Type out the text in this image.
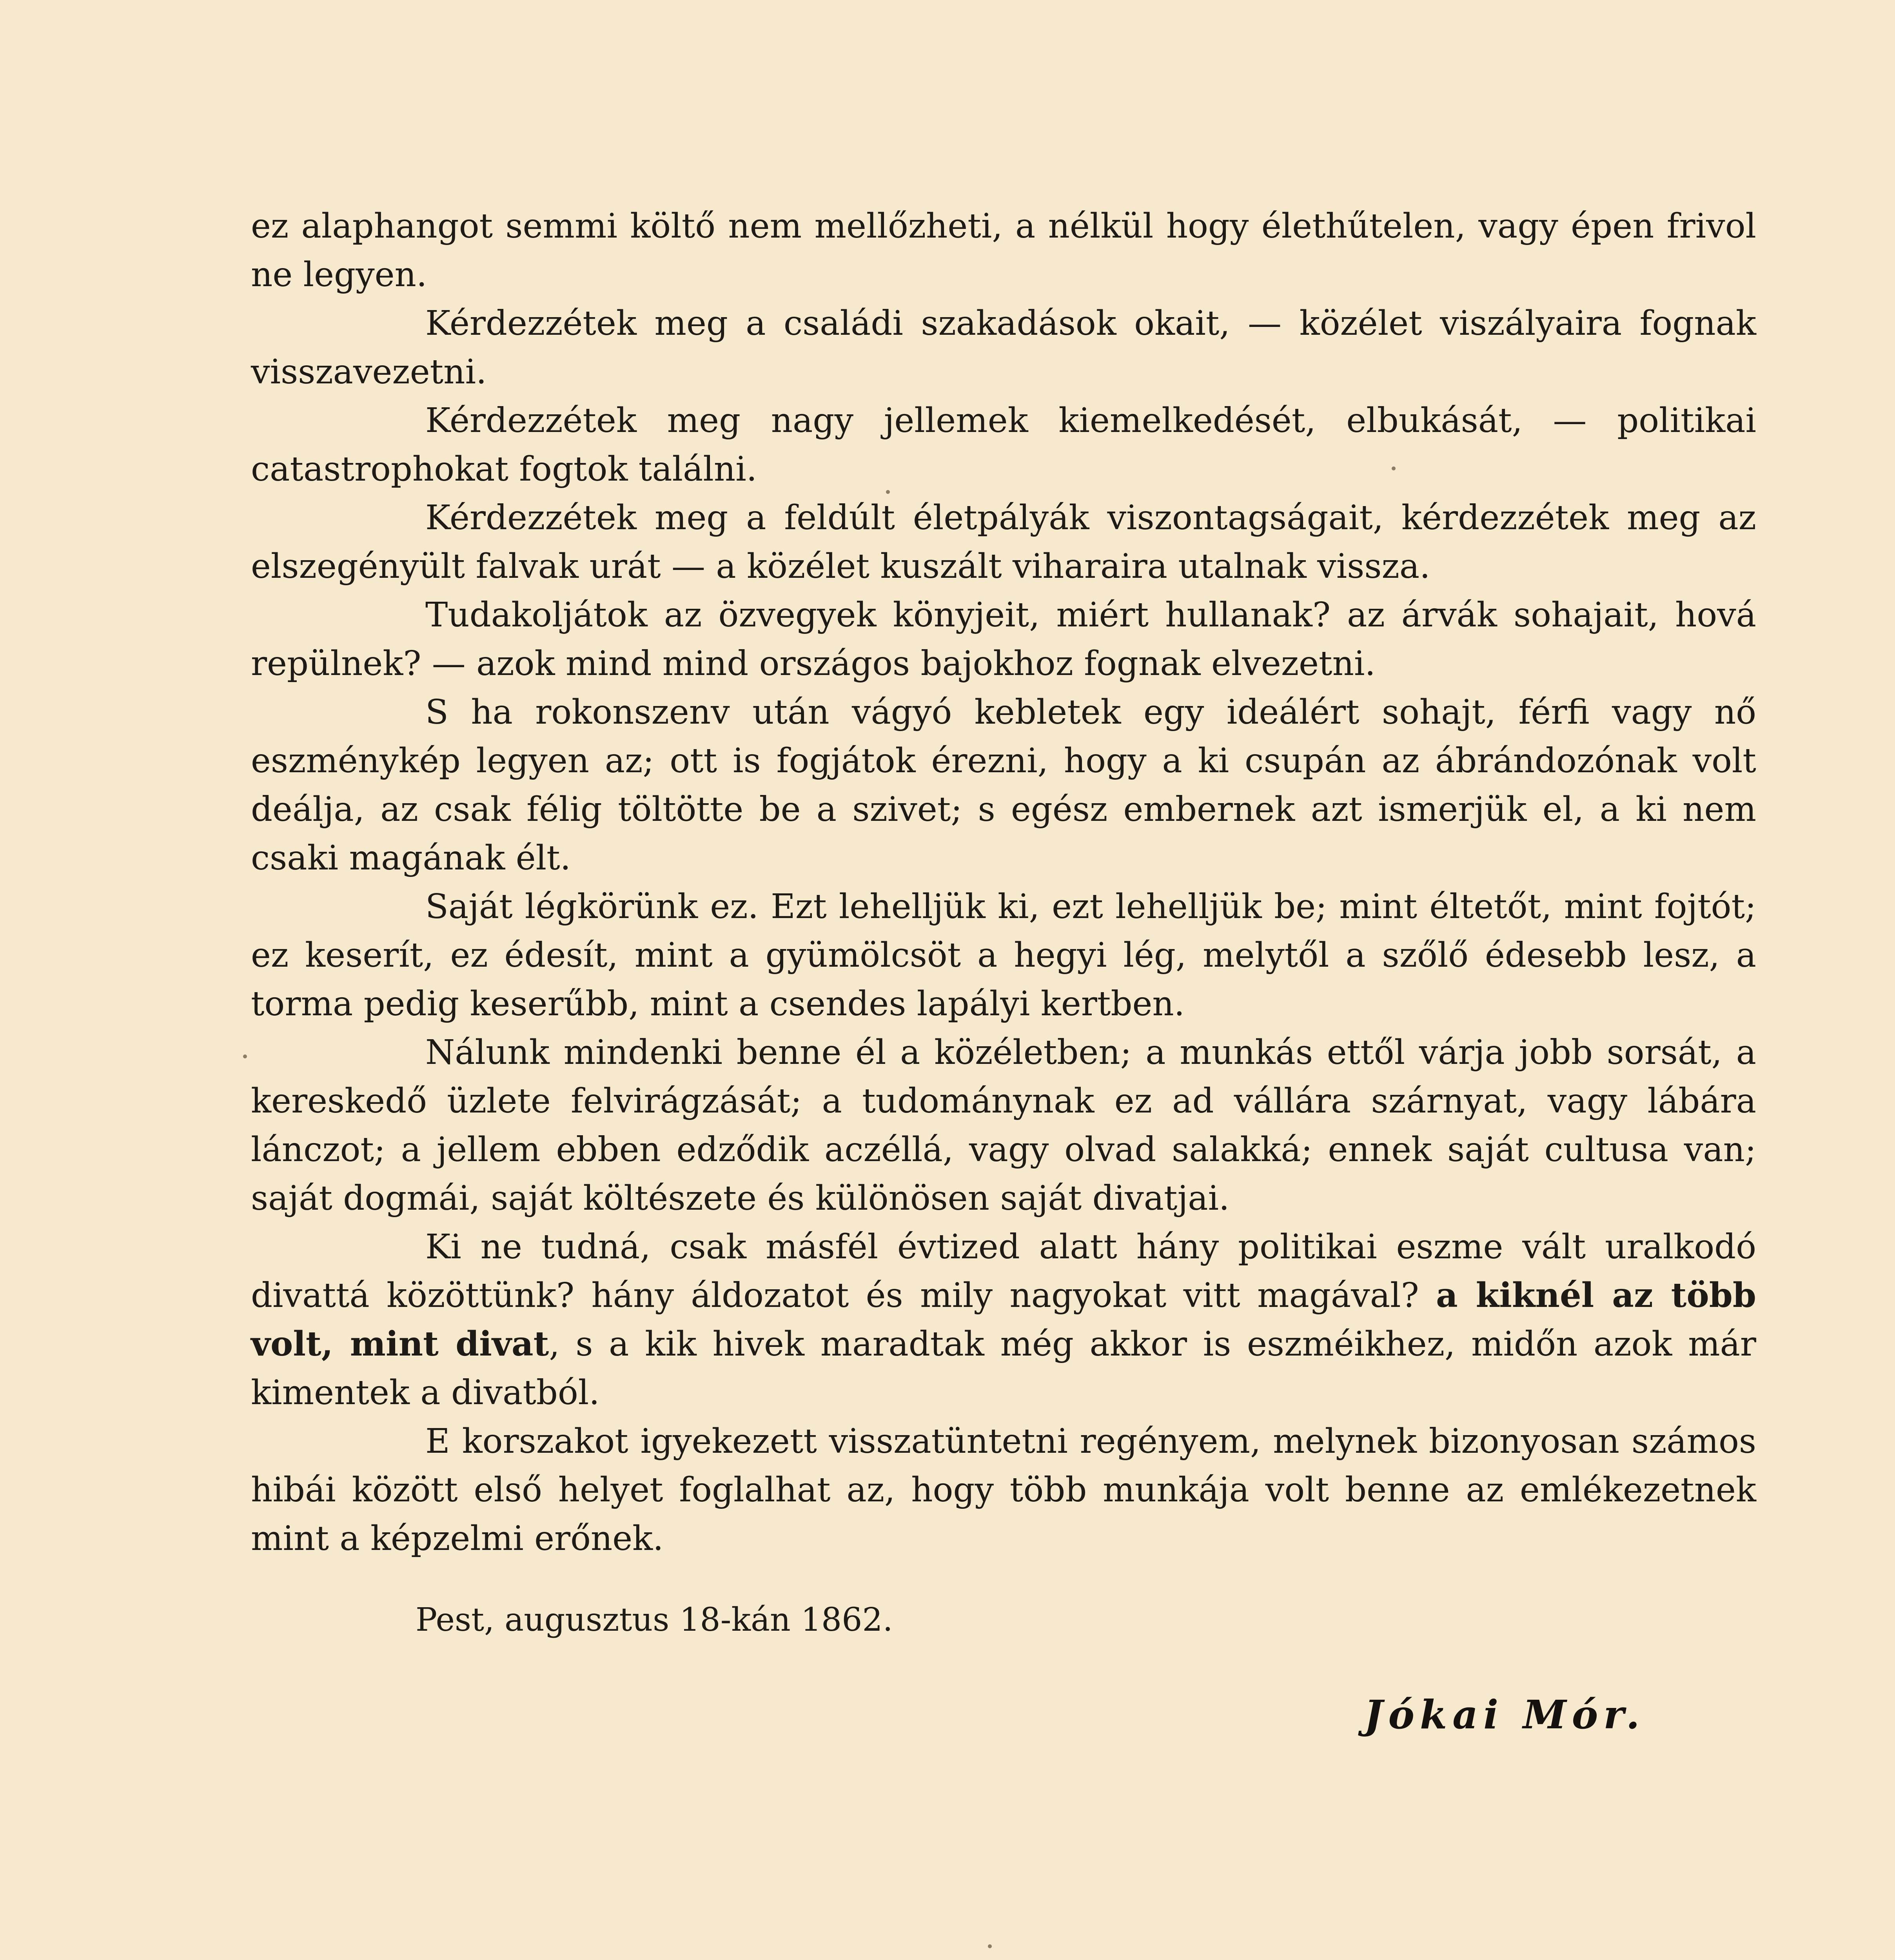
ez alaphangot semmi költő nem mellőzheti, a nélkül hogy élethűtelen, vagy épen frivol ne legyen.

Kérdezzétek meg a családi szakadások okait, — közélet viszályaira fognak visszavezetni.

Kérdezzétek meg nagy jellemek kiemelkedését, elbukását, — politikai catastrophokat fogtok találni.

Kérdezzétek meg a feldúlt életpályák viszontagságait, kérdezzétek meg az elszegényült falvak urát — a közélet kuszált viharaira utalnak vissza.

Tudakoljátok az özvegyek könyjeit, miért hullanak? az árvák sohajait, hová repülnek? — azok mind mind országos bajokhoz fognak elvezetni.

S ha rokonszenv után vágyó kebletek egy ideálért sohajt, férfi vagy nő eszménykép legyen az; ott is fogjátok érezni, hogy a ki csupán az ábrándozónak volt deálja, az csak félig töltötte be a szivet; s egész embernek azt ismerjük el, a ki nem csaki magának élt.

Saját légkörünk ez. Ezt lehelljük ki, ezt lehelljük be; mint éltetőt, mint fojtót; ez keserít, ez édesít, mint a gyümölcsöt a hegyi lég, melytől a szőlő édesebb lesz, a torma pedig keserűbb, mint a csendes lapályi kertben.

Nálunk mindenki benne él a közéletben; a munkás ettől várja jobb sorsát, a kereskedő üzlete felvirágzását; a tudománynak ez ad vállára szárnyat, vagy lábára lánczot; a jellem ebben edződik aczéllá, vagy olvad salakká; ennek saját cultusa van; saját dogmái, saját költészete és különösen saját divatjai.

Ki ne tudná, csak másfél évtized alatt hány politikai eszme vált uralkodó divattá közöttünk? hány áldozatot és mily nagyokat vitt magával? a kiknél az több volt, mint divat, s a kik hivek maradtak még akkor is eszméikhez, midőn azok már kimentek a divatból.

E korszakot igyekezett visszatüntetni regényem, melynek bizonyosan számos hibái között első helyet foglalhat az, hogy több munkája volt benne az emlékezetnek mint a képzelmi erőnek.

Pest, augusztus 18-kán 1862.
Jókai Mór.
